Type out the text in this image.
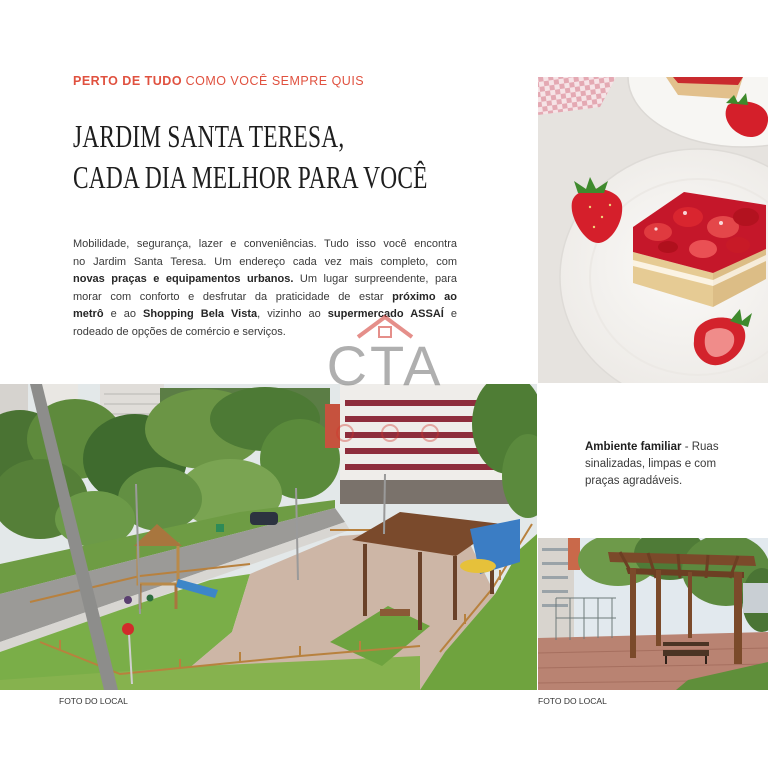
PERTO DE TUDO COMO VOCÊ SEMPRE QUIS
JARDIM SANTA TERESA,
CADA DIA MELHOR PARA VOCÊ
Mobilidade, segurança, lazer e conveniências. Tudo isso você encontra
no Jardim Santa Teresa. Um endereço cada vez mais completo, com
novas praças e equipamentos urbanos. Um lugar surpreendente, para
morar com conforto e desfrutar da praticidade de estar próximo ao
metrô e ao Shopping Bela Vista, vizinho ao supermercado ASSAÍ e
rodeado de opções de comércio e serviços.
Ambiente familiar - Ruas sinalizadas, limpas e com praças agradáveis.
FOTO DO LOCAL	FOTO DO LOCAL
CTA
